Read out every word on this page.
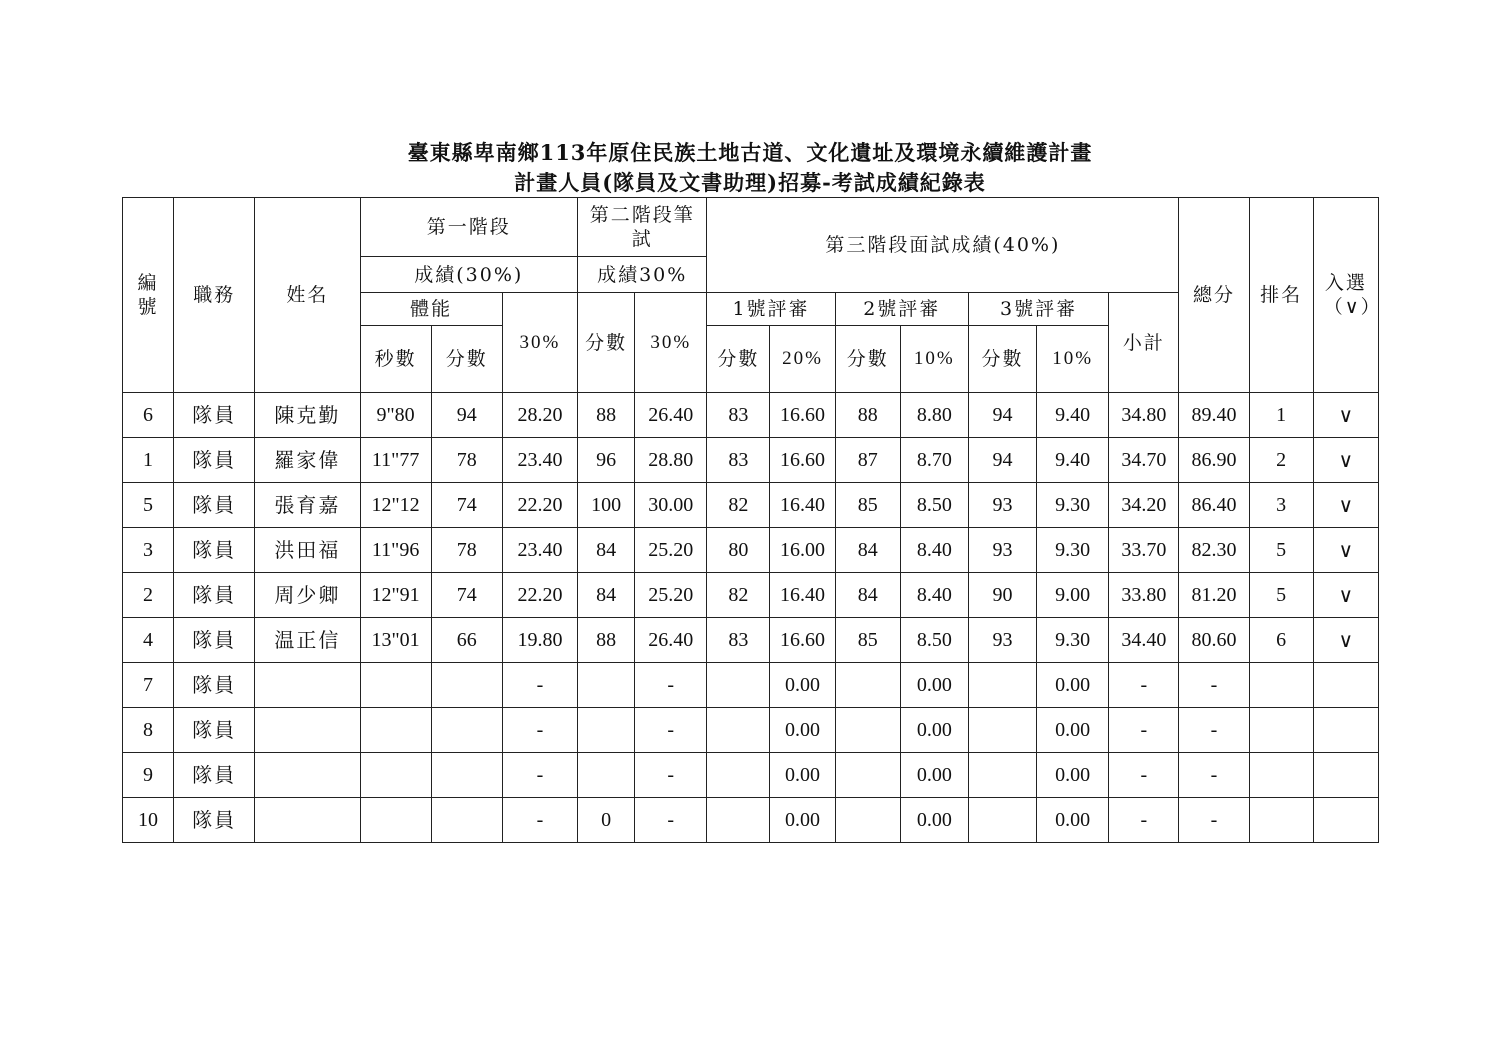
臺東縣卑南鄉113年原住民族土地古道、文化遺址及環境永續維護計畫
計畫人員(隊員及文書助理)招募-考試成績紀錄表
編號	職務	姓名	第一階段			第二階段筆試		第三階段面試成績(40%)							總分	排名	入選（∨）
			成績(30%)			成績30%											
			體能		30%	分數	30%	1號評審		2號評審		3號評審		小計			
			秒數	分數				分數	20%	分數	10%	分數	10%				
6	隊員	陳克勤	9"80	94	28.20	88	26.40	83	16.60	88	8.80	94	9.40	34.80	89.40	1	∨
1	隊員	羅家偉	11"77	78	23.40	96	28.80	83	16.60	87	8.70	94	9.40	34.70	86.90	2	∨
5	隊員	張育嘉	12"12	74	22.20	100	30.00	82	16.40	85	8.50	93	9.30	34.20	86.40	3	∨
3	隊員	洪田福	11"96	78	23.40	84	25.20	80	16.00	84	8.40	93	9.30	33.70	82.30	5	∨
2	隊員	周少卿	12"91	74	22.20	84	25.20	82	16.40	84	8.40	90	9.00	33.80	81.20	5	∨
4	隊員	温正信	13"01	66	19.80	88	26.40	83	16.60	85	8.50	93	9.30	34.40	80.60	6	∨
7	隊員				-		-		0.00		0.00		0.00	-	-		
8	隊員				-		-		0.00		0.00		0.00	-	-		
9	隊員				-		-		0.00		0.00		0.00	-	-		
10	隊員				-	0	-		0.00		0.00		0.00	-	-		
